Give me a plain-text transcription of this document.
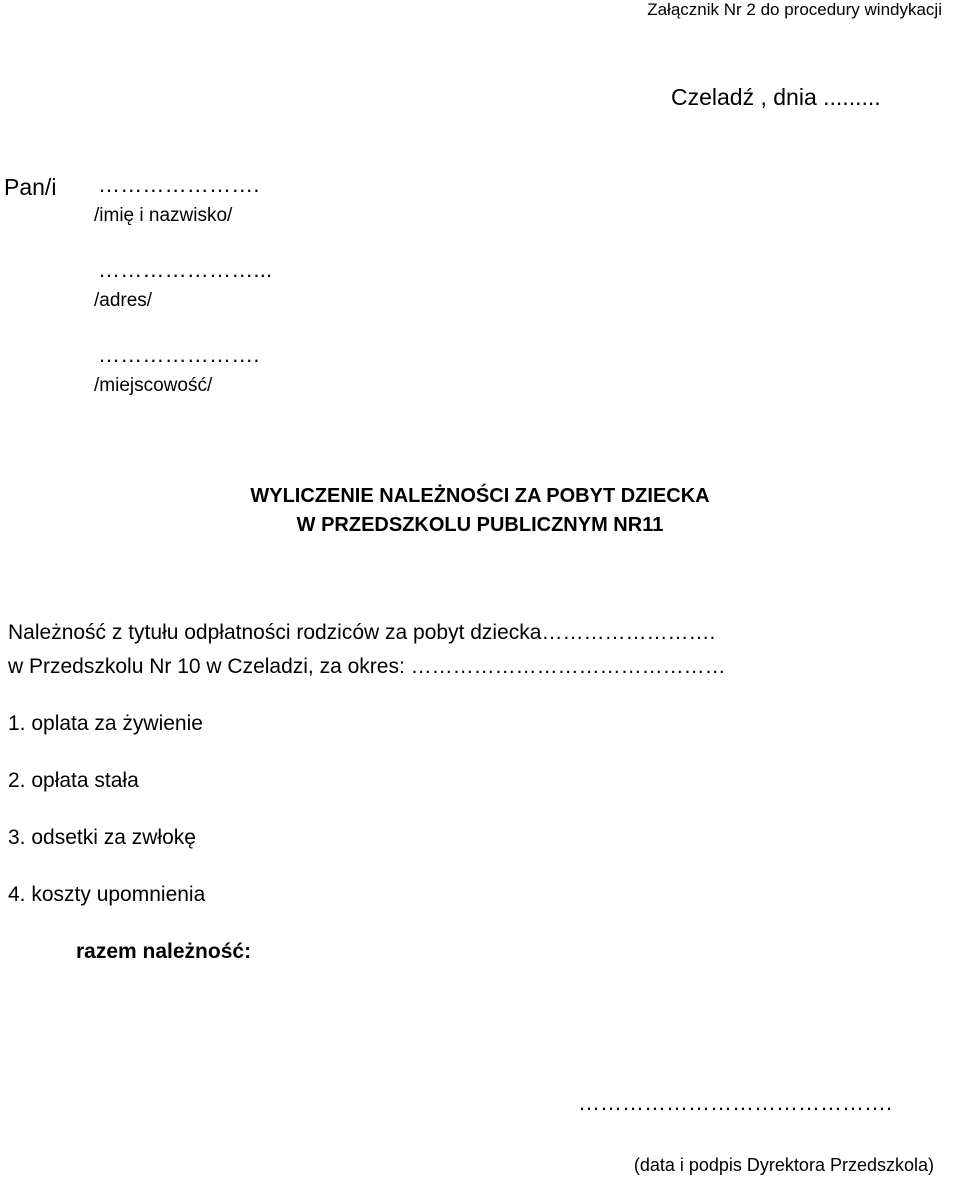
Załącznik Nr 2 do procedury windykacji
Czeladź , dnia .........
Pan/i ………………….
/imię i nazwisko/
…………………...
/adres/
………………….
/miejscowość/
WYLICZENIE NALEŻNOŚCI ZA POBYT DZIECKA
W PRZEDSZKOLU PUBLICZNYM NR11
Należność z tytułu odpłatności rodziców za pobyt dziecka…………………….
w Przedszkolu Nr 10 w Czeladzi, za okres: ………………………………………
1. oplata za żywienie
2. opłata stała
3. odsetki za zwłokę
4. koszty upomnienia
razem należność:
…………………………………….
(data i podpis Dyrektora Przedszkola)
